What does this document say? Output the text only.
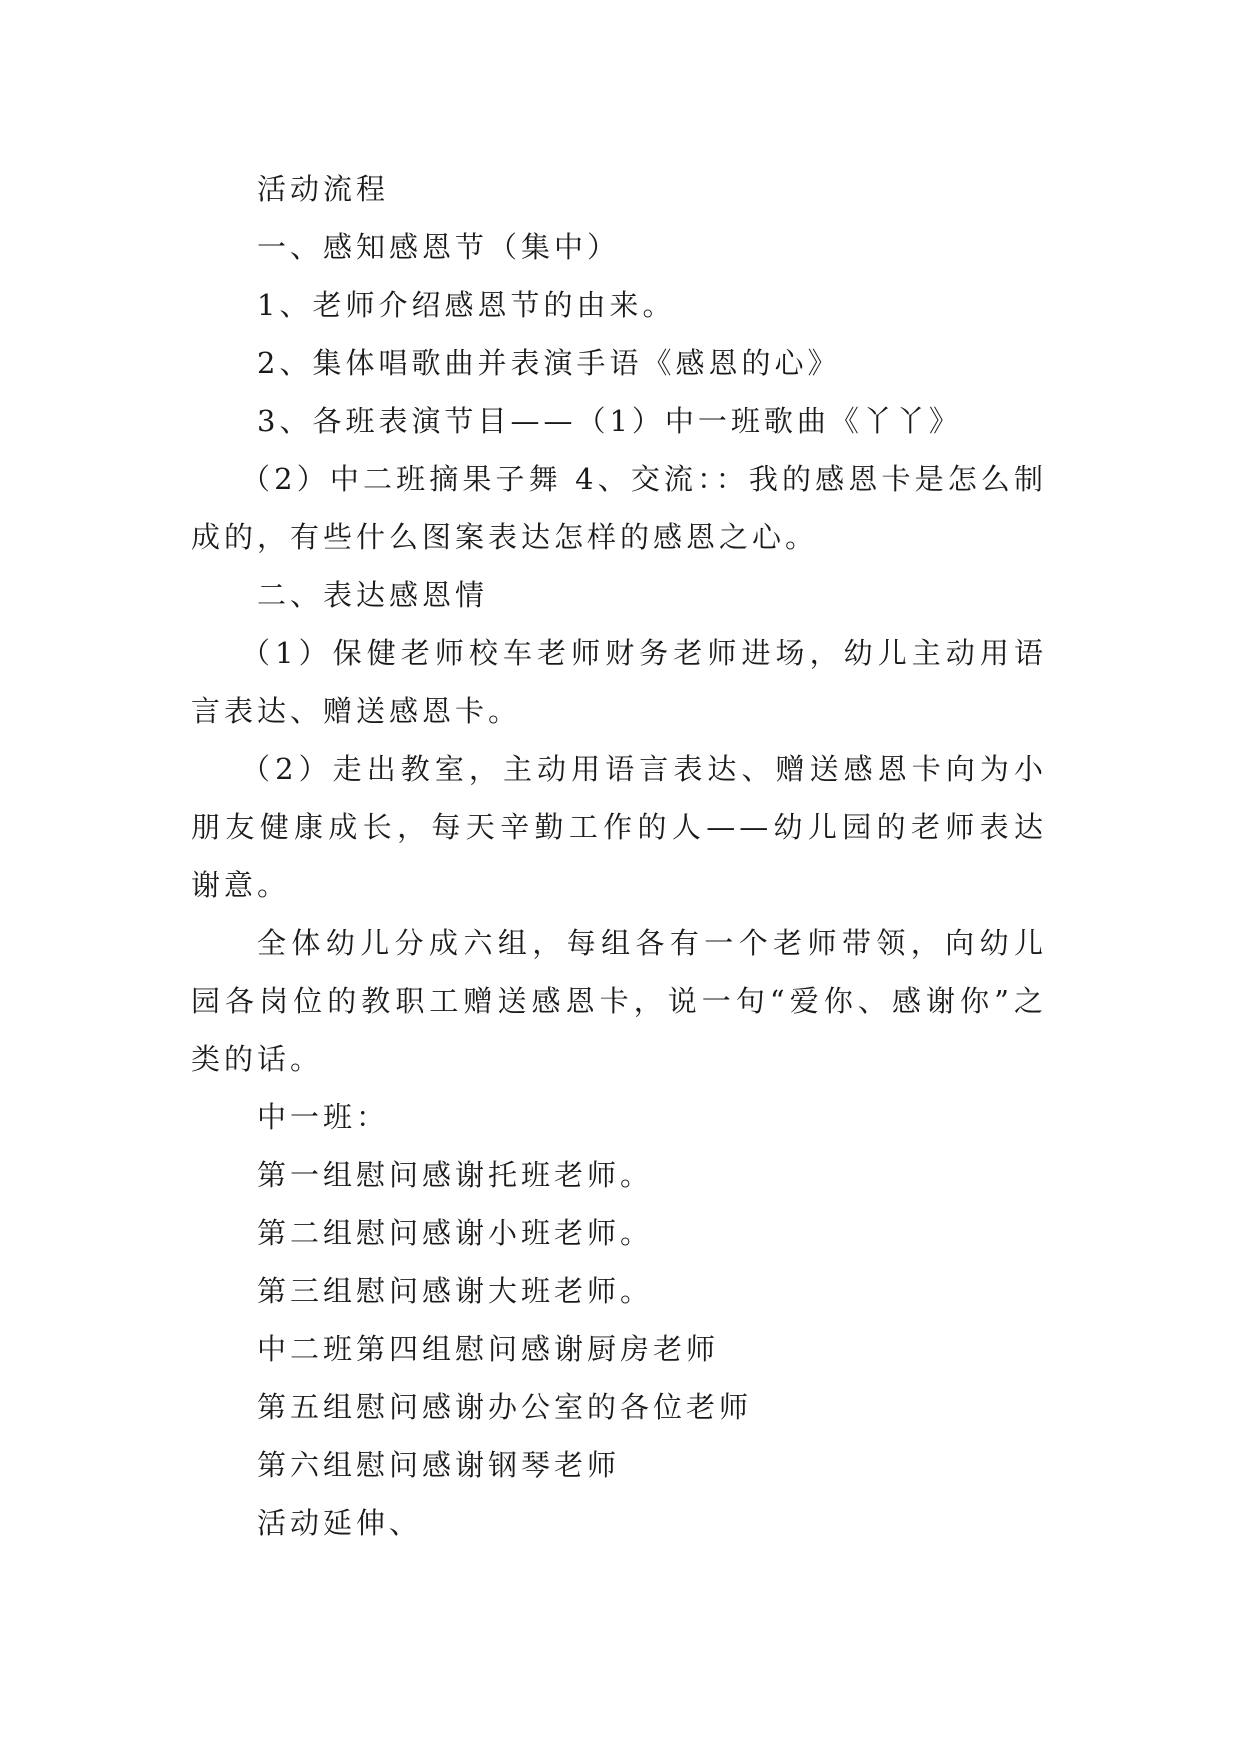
活动流程

一、感知感恩节（集中）

1、老师介绍感恩节的由来。

2、集体唱歌曲并表演手语《感恩的心》

3、各班表演节目——（1）中一班歌曲《丫丫》

（2）中二班摘果子舞 4、交流：：我的感恩卡是怎么制成的，有些什么图案表达怎样的感恩之心。

二、表达感恩情

（1）保健老师校车老师财务老师进场，幼儿主动用语言表达、赠送感恩卡。

（2）走出教室，主动用语言表达、赠送感恩卡向为小朋友健康成长，每天辛勤工作的人——幼儿园的老师表达谢意。

全体幼儿分成六组，每组各有一个老师带领，向幼儿园各岗位的教职工赠送感恩卡，说一句“爱你、感谢你”之类的话。

中一班：

第一组慰问感谢托班老师。

第二组慰问感谢小班老师。

第三组慰问感谢大班老师。

中二班第四组慰问感谢厨房老师

第五组慰问感谢办公室的各位老师

第六组慰问感谢钢琴老师

活动延伸、
